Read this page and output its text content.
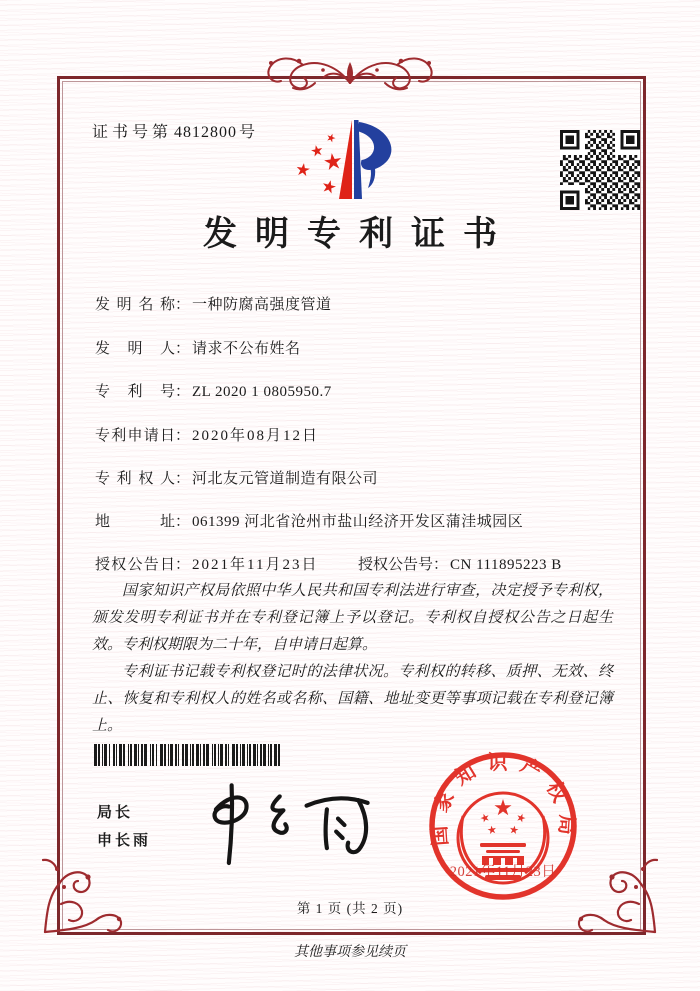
证书号第 4812800 号
发明专利证书
发明名称： 一种防腐高强度管道
发明人： 请求不公布姓名
专利号： ZL 2020 1 0805950.7
专利申请日： 2020年08月12日
专利权人： 河北友元管道制造有限公司
地址： 061399 河北省沧州市盐山经济开发区蒲洼城园区
授权公告日： 2021年11月23日	授权公告号： CN 111895223 B

国家知识产权局依照中华人民共和国专利法进行审查，决定授予专利权，颁发发明专利证书并在专利登记簿上予以登记。专利权自授权公告之日起生效。专利权期限为二十年，自申请日起算。

专利证书记载专利权登记时的法律状况。专利权的转移、质押、无效、终止、恢复和专利权人的姓名或名称、国籍、地址变更等事项记载在专利登记簿上。

局长
申长雨	国家知识产权局
2021年11月23日
第 1 页 (共 2 页)
其他事项参见续页
